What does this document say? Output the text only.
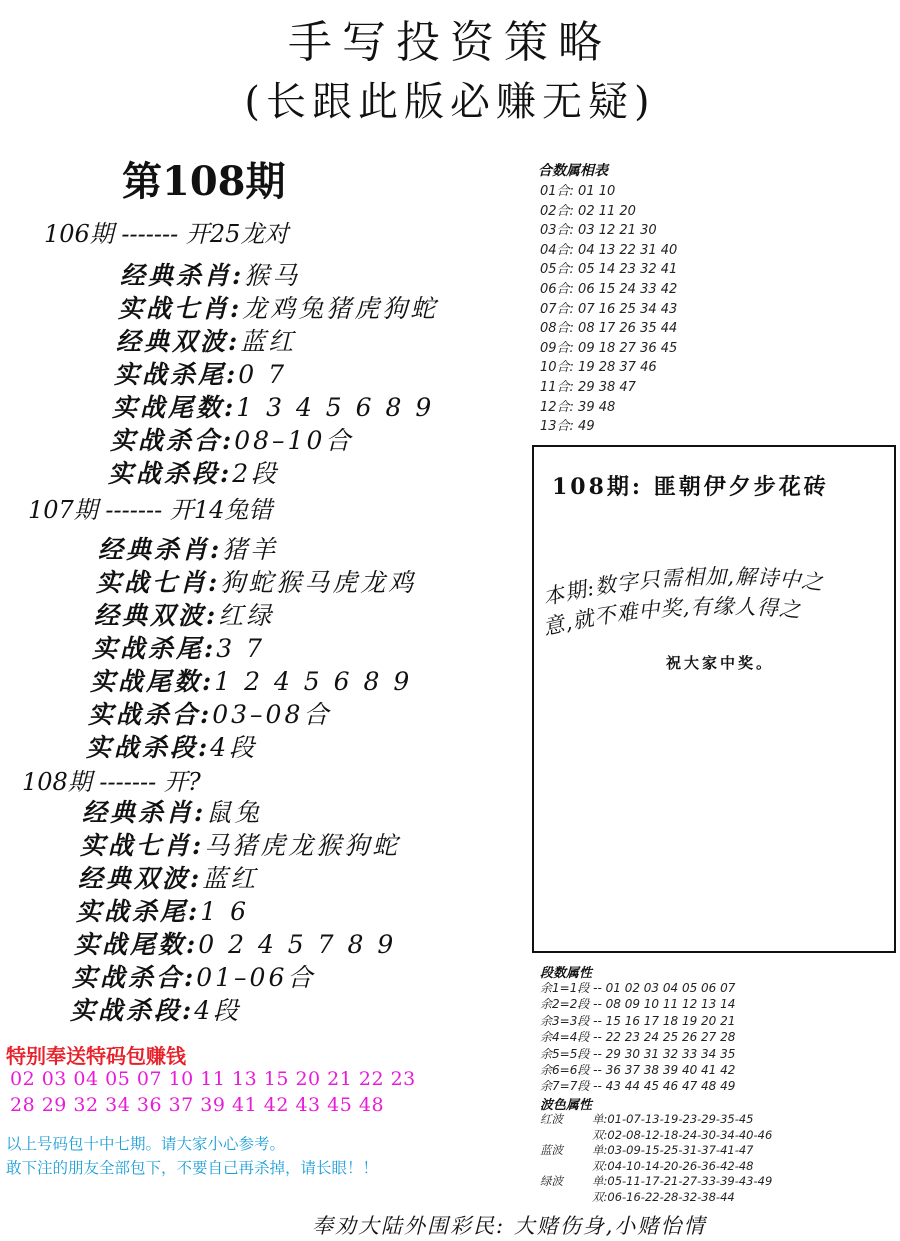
手写投资策略
(长跟此版必赚无疑)
第108期
106期 ------- 开25龙对
经典杀肖:猴马
实战七肖:龙鸡兔猪虎狗蛇
经典双波:蓝红
实战杀尾:0 7
实战尾数:1 3 4 5 6 8 9
实战杀合:08–10合
实战杀段:2段
107期 ------- 开14兔错
经典杀肖:猪羊
实战七肖:狗蛇猴马虎龙鸡
经典双波:红绿
实战杀尾:3 7
实战尾数:1 2 4 5 6 8 9
实战杀合:03–08合
实战杀段:4段
108期 ------- 开?
经典杀肖:鼠兔
实战七肖:马猪虎龙猴狗蛇
经典双波:蓝红
实战杀尾:1 6
实战尾数:0 2 4 5 7 8 9
实战杀合:01–06合
实战杀段:4段
合数属相表
01合: 01 10
02合: 02 11 20
03合: 03 12 21 30
04合: 04 13 22 31 40
05合: 05 14 23 32 41
06合: 06 15 24 33 42
07合: 07 16 25 34 43
08合: 08 17 26 35 44
09合: 09 18 27 36 45
10合: 19 28 37 46
11合: 29 38 47
12合: 39 48
13合: 49
108期: 匪朝伊夕步花砖
本期:数字只需相加,解诗中之
意,就不难中奖,有缘人得之
祝大家中奖。
段数属性
余1=1段 -- 01 02 03 04 05 06 07
余2=2段 -- 08 09 10 11 12 13 14
余3=3段 -- 15 16 17 18 19 20 21
余4=4段 -- 22 23 24 25 26 27 28
余5=5段 -- 29 30 31 32 33 34 35
余6=6段 -- 36 37 38 39 40 41 42
余7=7段 -- 43 44 45 46 47 48 49
波色属性
红波	单:01-07-13-19-23-29-35-45
双:02-08-12-18-24-30-34-40-46
蓝波	单:03-09-15-25-31-37-41-47
双:04-10-14-20-26-36-42-48
绿波	单:05-11-17-21-27-33-39-43-49
双:06-16-22-28-32-38-44
特别奉送特码包赚钱
02 03 04 05 07 10 11 13 15 20 21 22 23
28 29 32 34 36 37 39 41 42 43 45 48
以上号码包十中七期。请大家小心参考。
敢下注的朋友全部包下，不要自己再杀掉，请长眼！！
奉劝大陆外围彩民: 大赌伤身,小赌怡情
